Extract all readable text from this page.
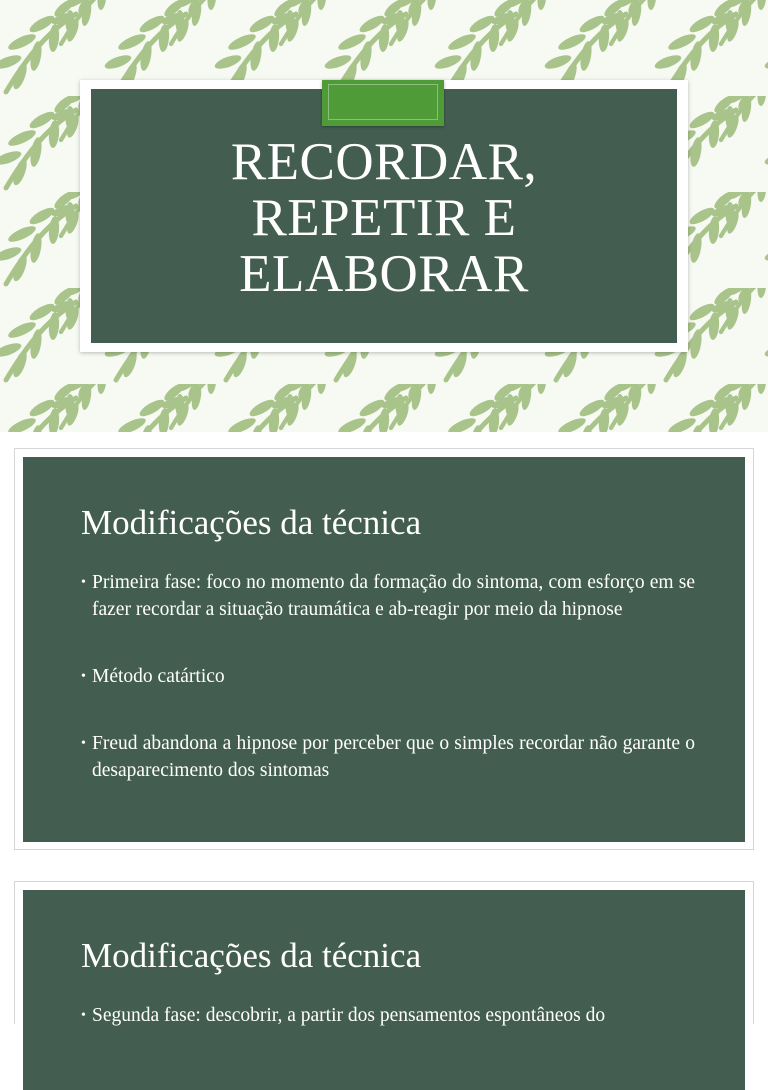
RECORDAR,
REPETIR E
ELABORAR
Modificações da técnica
• Primeira fase: foco no momento da formação do sintoma, com esforço em se fazer recordar a situação traumática e ab-reagir por meio da hipnose
• Método catártico
• Freud abandona a hipnose por perceber que o simples recordar não garante o desaparecimento dos sintomas
Modificações da técnica
• Segunda fase: descobrir, a partir dos pensamentos espontâneos do
